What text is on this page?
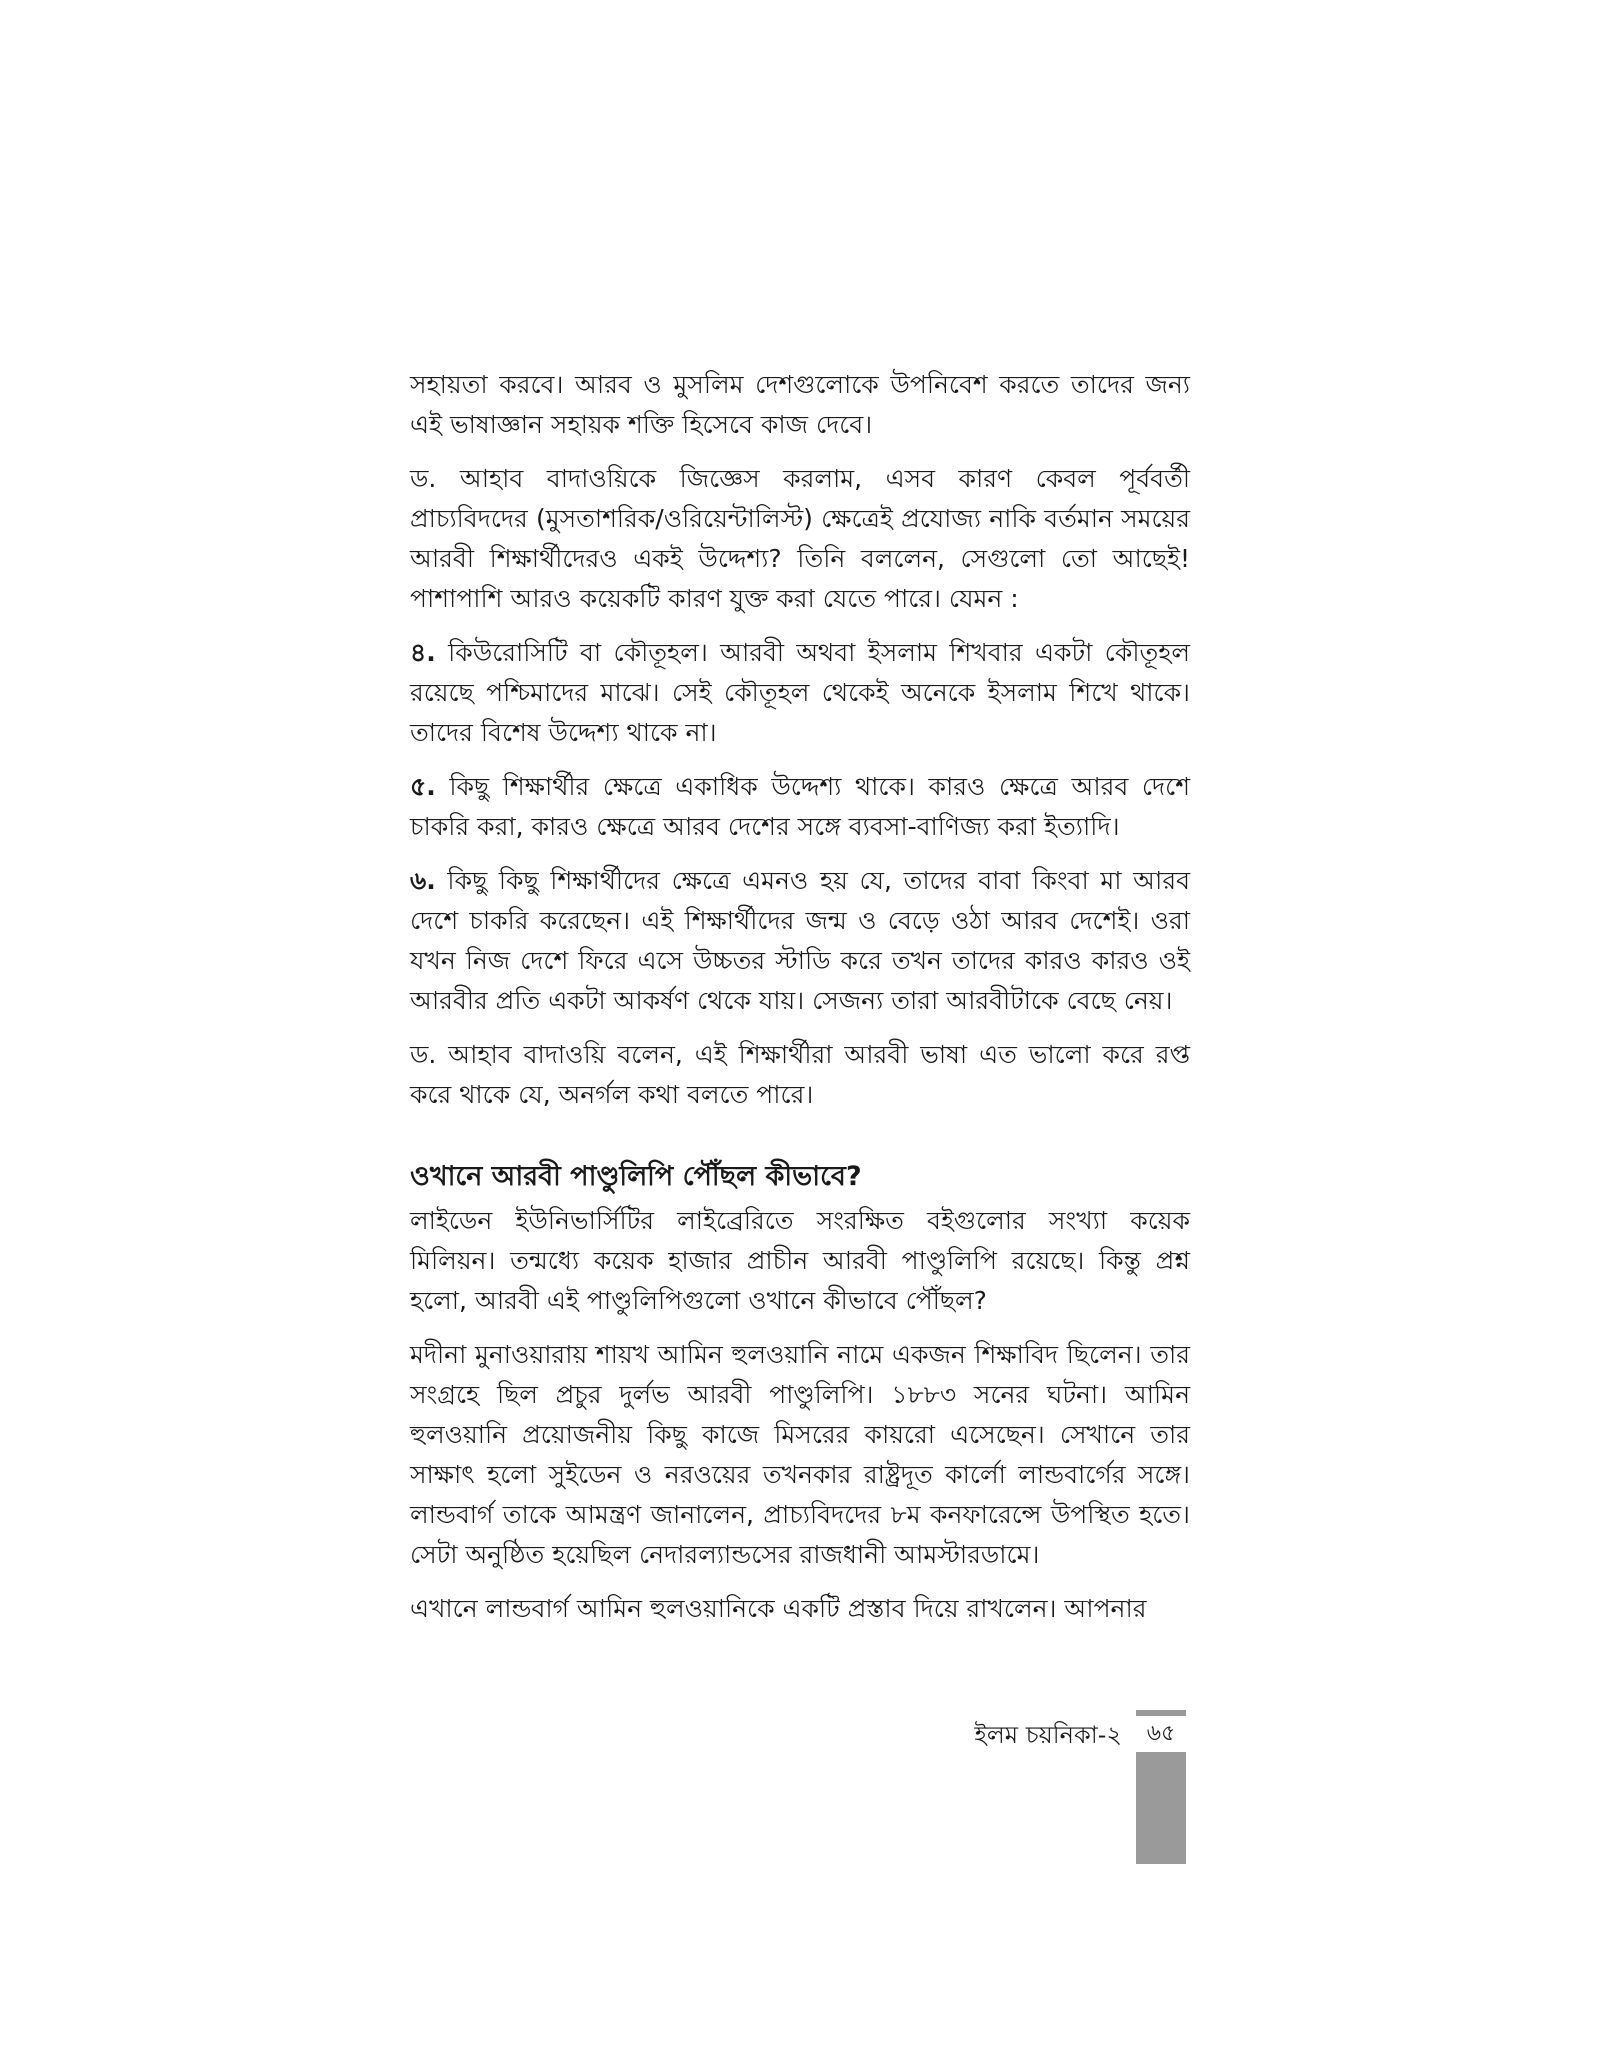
সহায়তা করবে। আরব ও মুসলিম দেশগুলোকে উপনিবেশ করতে তাদের জন্য এই ভাষাজ্ঞান সহায়ক শক্তি হিসেবে কাজ দেবে।

ড. আহাব বাদাওয়িকে জিজ্ঞেস করলাম, এসব কারণ কেবল পূর্ববর্তী প্রাচ্যবিদদের (মুসতাশরিক/ওরিয়েন্টালিস্ট) ক্ষেত্রেই প্রযোজ্য নাকি বর্তমান সময়ের আরবী শিক্ষার্থীদেরও একই উদ্দেশ্য? তিনি বললেন, সেগুলো তো আছেই! পাশাপাশি আরও কয়েকটি কারণ যুক্ত করা যেতে পারে। যেমন :

৪. কিউরোসিটি বা কৌতূহল। আরবী অথবা ইসলাম শিখবার একটা কৌতূহল রয়েছে পশ্চিমাদের মাঝে। সেই কৌতূহল থেকেই অনেকে ইসলাম শিখে থাকে। তাদের বিশেষ উদ্দেশ্য থাকে না।

৫. কিছু শিক্ষার্থীর ক্ষেত্রে একাধিক উদ্দেশ্য থাকে। কারও ক্ষেত্রে আরব দেশে চাকরি করা, কারও ক্ষেত্রে আরব দেশের সঙ্গে ব্যবসা-বাণিজ্য করা ইত্যাদি।

৬. কিছু কিছু শিক্ষার্থীদের ক্ষেত্রে এমনও হয় যে, তাদের বাবা কিংবা মা আরব দেশে চাকরি করেছেন। এই শিক্ষার্থীদের জন্ম ও বেড়ে ওঠা আরব দেশেই। ওরা যখন নিজ দেশে ফিরে এসে উচ্চতর স্টাডি করে তখন তাদের কারও কারও ওই আরবীর প্রতি একটা আকর্ষণ থেকে যায়। সেজন্য তারা আরবীটাকে বেছে নেয়।

ড. আহাব বাদাওয়ি বলেন, এই শিক্ষার্থীরা আরবী ভাষা এত ভালো করে রপ্ত করে থাকে যে, অনর্গল কথা বলতে পারে।

ওখানে আরবী পাণ্ডুলিপি পৌঁছল কীভাবে?

লাইডেন ইউনিভার্সিটির লাইব্রেরিতে সংরক্ষিত বইগুলোর সংখ্যা কয়েক মিলিয়ন। তন্মধ্যে কয়েক হাজার প্রাচীন আরবী পাণ্ডুলিপি রয়েছে। কিন্তু প্রশ্ন হলো, আরবী এই পাণ্ডুলিপিগুলো ওখানে কীভাবে পৌঁছল?

মদীনা মুনাওয়ারায় শায়খ আমিন হুলওয়ানি নামে একজন শিক্ষাবিদ ছিলেন। তার সংগ্রহে ছিল প্রচুর দুর্লভ আরবী পাণ্ডুলিপি। ১৮৮৩ সনের ঘটনা। আমিন হুলওয়ানি প্রয়োজনীয় কিছু কাজে মিসরের কায়রো এসেছেন। সেখানে তার সাক্ষাৎ হলো সুইডেন ও নরওয়ের তখনকার রাষ্ট্রদূত কার্লো লান্ডবার্গের সঙ্গে। লান্ডবার্গ তাকে আমন্ত্রণ জানালেন, প্রাচ্যবিদদের ৮ম কনফারেন্সে উপস্থিত হতে। সেটা অনুষ্ঠিত হয়েছিল নেদারল্যান্ডসের রাজধানী আমস্টারডামে।

এখানে লান্ডবার্গ আমিন হুলওয়ানিকে একটি প্রস্তাব দিয়ে রাখলেন। আপনার

ইলম চয়নিকা-২	৬৫
